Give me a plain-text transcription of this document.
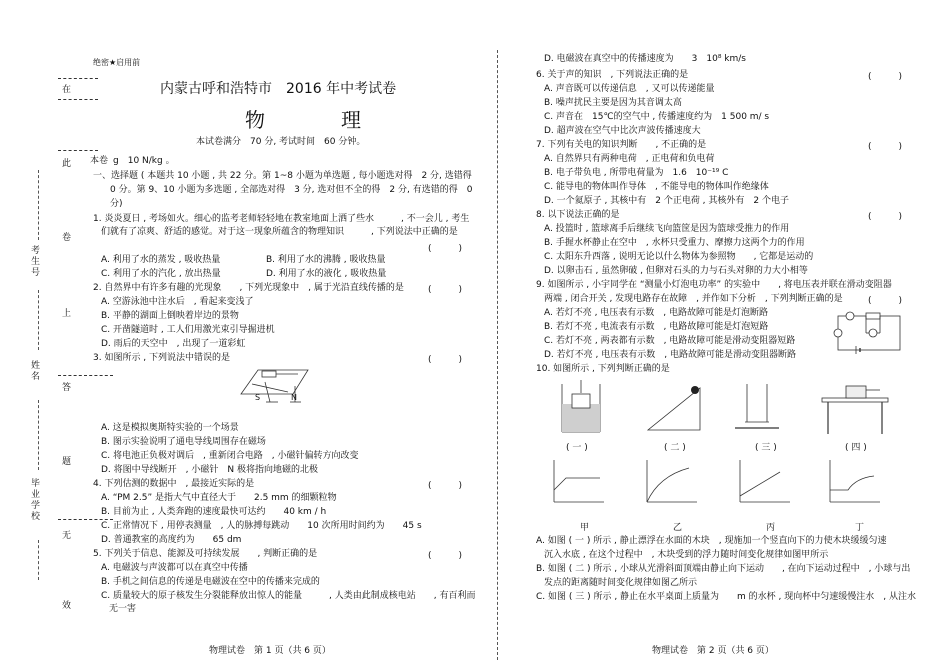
在
此
卷
上
答
题
无
效
考生号
姓名
毕业学校
绝密★启用前
内蒙古呼和浩特市　2016 年中考试卷
物　理
本试卷满分　70 分, 考试时间　60 分钟。
本卷 g　10 N/kg 。
一、选择题 ( 本题共 10 小题 , 共 22 分。第 1~8 小题为单选题 , 每小题选对得　2 分, 选错得
0 分。第 9、10 小题为多选题 , 全部选对得　3 分, 选对但不全的得　2 分, 有选错的得　0
分)
1. 炎炎夏日 , 考场如火。细心的监考老师轻轻地在教室地面上洒了些水　　　, 不一会儿 , 考生
们就有了凉爽、舒适的感觉。对于这一现象所蕴含的物理知识　　　, 下列说法中正确的是
(　　　)
A. 利用了水的蒸发 , 吸收热量	B. 利用了水的沸腾 , 吸收热量
C. 利用了水的汽化 , 放出热量	D. 利用了水的液化 , 吸收热量
2. 自然界中有许多有趣的光现象　　, 下列光现象中　, 属于光沿直线传播的是	(　　　)
A. 空游泳池中注水后　, 看起来变浅了
B. 平静的湖面上倒映着岸边的景物
C. 开凿隧道时 , 工人们用激光束引导掘进机
D. 雨后的天空中　, 出现了一道彩虹
3. 如图所示 , 下列说法中错误的是	(　　　)
S	N
A. 这是模拟奥斯特实验的一个场景
B. 图示实验说明了通电导线周围存在磁场
C. 将电池正负极对调后　, 重新闭合电路　, 小磁针偏转方向改变
D. 将图中导线断开　, 小磁针　N 极将指向地磁的北极
4. 下列估测的数据中　, 最接近实际的是	(　　　)
A. “PM 2.5” 是指大气中直径大于　　2.5 mm 的细颗粒物
B. 目前为止 , 人类奔跑的速度最快可达约　　40 km / h
C. 正常情况下 , 用停表测量　, 人的脉搏每跳动　　10 次所用时间约为　　45 s
D. 普通教室的高度约为　　65 dm
5. 下列关于信息、能源及可持续发展　　, 判断正确的是	(　　　)
A. 电磁波与声波都可以在真空中传播
B. 手机之间信息的传递是电磁波在空中的传播来完成的
C. 质量较大的原子核发生分裂能释放出惊人的能量　　　, 人类由此制成核电站　　, 有百利而
无一害
物理试卷　第 1 页（共 6 页）
D. 电磁波在真空中的传播速度为　　3　10⁸ km/s
6. 关于声的知识　, 下列说法正确的是	(　　　)
A. 声音既可以传递信息　, 又可以传递能量
B. 噪声扰民主要是因为其音调太高
C. 声音在　15℃的空气中 , 传播速度约为　1 500 m/ s
D. 超声波在空气中比次声波传播速度大
7. 下列有关电的知识判断　　, 不正确的是	(　　　)
A. 自然界只有两种电荷　, 正电荷和负电荷
B. 电子带负电 , 所带电荷量为　1.6　10⁻¹⁹ C
C. 能导电的物体叫作导体　, 不能导电的物体叫作绝缘体
D. 一个氦原子 , 其核中有　2 个正电荷 , 其核外有　2 个电子
8. 以下说法正确的是	(　　　)
A. 投篮时 , 篮球离手后继续飞向篮筐是因为篮球受推力的作用
B. 手握水杯静止在空中　, 水杯只受重力、摩擦力这两个力的作用
C. 太阳东升西落 , 说明无论以什么物体为参照物　　, 它都是运动的
D. 以卵击石 , 虽然卵破 , 但卵对石头的力与石头对卵的力大小相等
9. 如图所示 , 小宇同学在 “测量小灯泡电功率” 的实验中　　, 将电压表并联在滑动变阻器
两端 , 闭合开关 , 发现电路存在故障　, 并作如下分析　, 下列判断正确的是	(　　　)
A. 若灯不亮 , 电压表有示数　, 电路故障可能是灯泡断路
B. 若灯不亮 , 电流表有示数　, 电路故障可能是灯泡短路
C. 若灯不亮 , 两表都有示数　, 电路故障可能是滑动变阻器短路
D. 若灯不亮 , 电压表有示数　, 电路故障可能是滑动变阻器断路
10. 如图所示 , 下列判断正确的是
( 一 )	( 二 )	( 三 )	( 四 )
甲	乙	丙	丁
A. 如图 ( 一 ) 所示 , 静止漂浮在水面的木块　, 现施加一个竖直向下的力使木块缓缓匀速
沉入水底 , 在这个过程中　, 木块受到的浮力随时间变化规律如图甲所示
B. 如图 ( 二 ) 所示 , 小球从光滑斜面顶端由静止向下运动　　, 在向下运动过程中　, 小球与出
发点的距离随时间变化规律如图乙所示
C. 如图 ( 三 ) 所示 , 静止在水平桌面上质量为　　m 的水杯 , 现向杯中匀速缓慢注水　, 从注水
物理试卷　第 2 页（共 6 页）
